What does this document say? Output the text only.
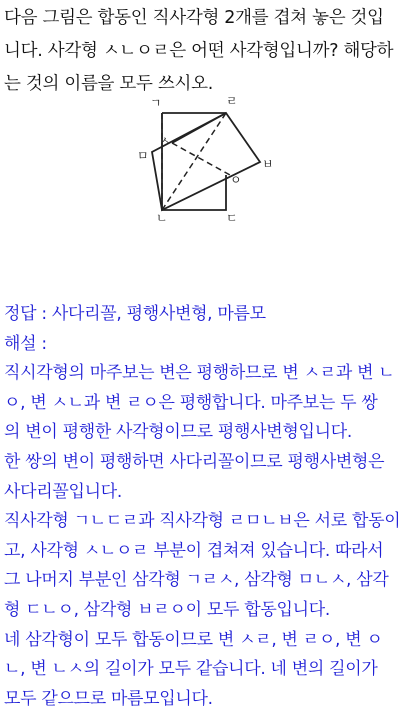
다음 그림은 합동인 직사각형 2개를 겹쳐 놓은 것입
니다. 사각형 ㅅㄴㅇㄹ은 어떤 사각형입니까? 해당하
는 것의 이름을 모두 쓰시오.
ㄱ	ㄹ
ㅅ
ㅁ
ㅂ
ㅇ
ㄴ	ㄷ
정답 : 사다리꼴, 평행사변형, 마름모
해설 :
직시각형의 마주보는 변은 평행하므로 변 ㅅㄹ과 변 ㄴ
ㅇ, 변 ㅅㄴ과 변 ㄹㅇ은 평행합니다. 마주보는 두 쌍
의 변이 평행한 사각형이므로 평행사변형입니다.
한 쌍의 변이 평행하면 사다리꼴이므로 평행사변형은
사다리꼴입니다.
직사각형 ㄱㄴㄷㄹ과 직사각형 ㄹㅁㄴㅂ은 서로 합동이
고, 사각형 ㅅㄴㅇㄹ 부분이 겹쳐져 있습니다. 따라서
그 나머지 부분인 삼각형 ㄱㄹㅅ, 삼각형 ㅁㄴㅅ, 삼각
형 ㄷㄴㅇ, 삼각형 ㅂㄹㅇ이 모두 합동입니다.
네 삼각형이 모두 합동이므로 변 ㅅㄹ, 변 ㄹㅇ, 변 ㅇ
ㄴ, 변 ㄴㅅ의 길이가 모두 같습니다. 네 변의 길이가
모두 같으므로 마름모입니다.
